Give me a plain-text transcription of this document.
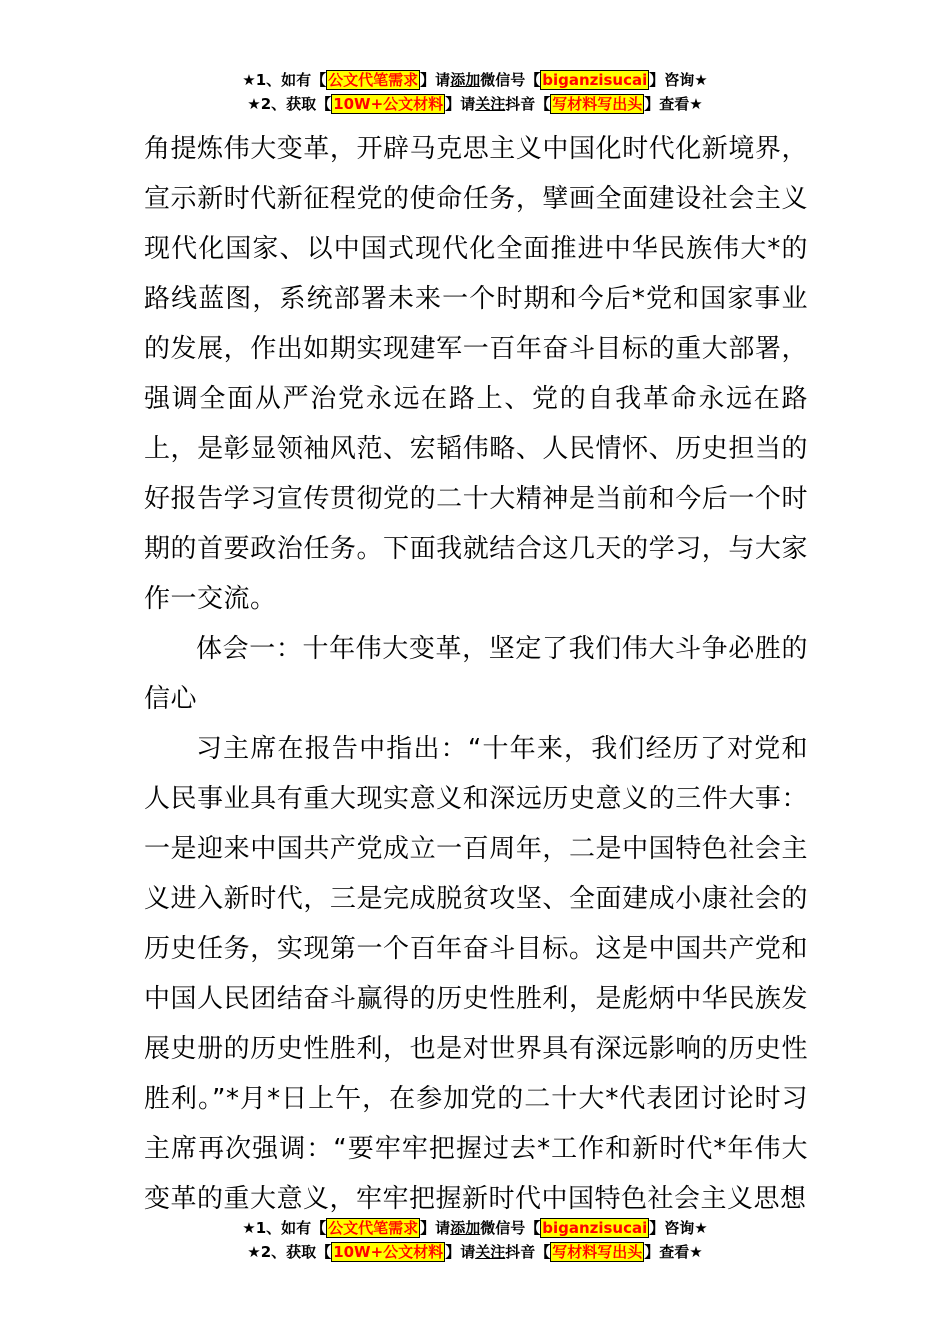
★1、如有【 公文代笔需求 】请添加微信号【 biganzisucai 】咨询★
★2、获取【 10W+公文材料 】请关注抖音【 写材料写出头 】查看★

角提炼伟大变革，开辟马克思主义中国化时代化新境界，宣示新时代新征程党的使命任务，擘画全面建设社会主义现代化国家、以中国式现代化全面推进中华民族伟大*的路线蓝图，系统部署未来一个时期和今后*党和国家事业的发展，作出如期实现建军一百年奋斗目标的重大部署，强调全面从严治党永远在路上、党的自我革命永远在路上，是彰显领袖风范、宏韬伟略、人民情怀、历史担当的好报告学习宣传贯彻党的二十大精神是当前和今后一个时期的首要政治任务。下面我就结合这几天的学习，与大家作一交流。

体会一：十年伟大变革，坚定了我们伟大斗争必胜的信心

习主席在报告中指出：“十年来，我们经历了对党和人民事业具有重大现实意义和深远历史意义的三件大事：一是迎来中国共产党成立一百周年，二是中国特色社会主义进入新时代，三是完成脱贫攻坚、全面建成小康社会的历史任务，实现第一个百年奋斗目标。这是中国共产党和中国人民团结奋斗赢得的历史性胜利，是彪炳中华民族发展史册的历史性胜利，也是对世界具有深远影响的历史性胜利。”*月*日上午，在参加党的二十大*代表团讨论时习主席再次强调：“要牢牢把握过去*工作和新时代*年伟大变革的重大意义，牢牢把握新时代中国特色社会主义思想

★1、如有【 公文代笔需求 】请添加微信号【 biganzisucai 】咨询★
★2、获取【 10W+公文材料 】请关注抖音【 写材料写出头 】查看★
